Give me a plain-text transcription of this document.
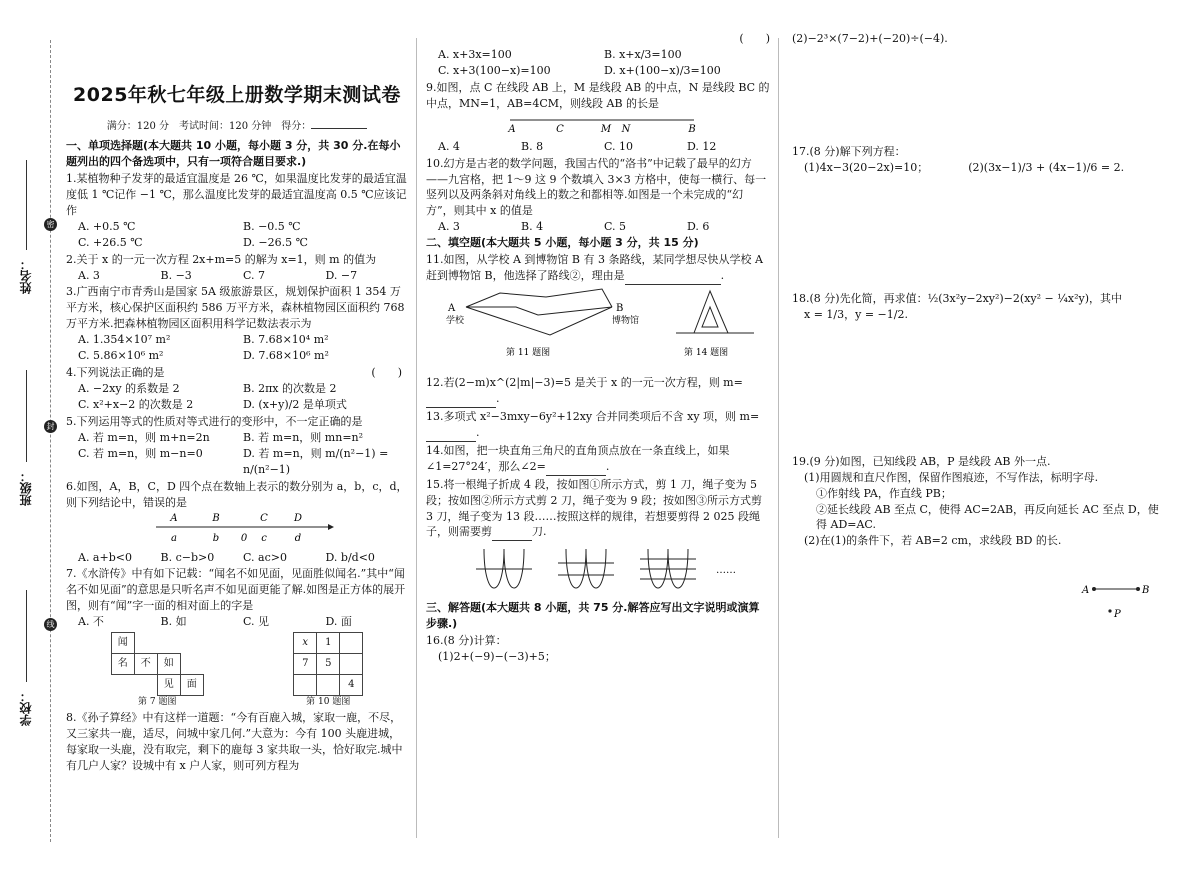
姓名：
班级：
学校：
密
封
线
2025年秋七年级上册数学期末测试卷
满分：120 分　考试时间：120 分钟　得分：
一、单项选择题(本大题共 10 小题，每小题 3 分，共 30 分.在每小题列出的四个备选项中，只有一项符合题目要求.)
1.某植物种子发芽的最适宜温度是 26 ℃，如果温度比发芽的最适宜温度低 1 ℃记作 −1 ℃，那么温度比发芽的最适宜温度高 0.5 ℃应该记作
A. +0.5 ℃	B. −0.5 ℃
C. +26.5 ℃	D. −26.5 ℃
2.关于 x 的一元一次方程 2x+m=5 的解为 x=1，则 m 的值为
A. 3	B. −3	C. 7	D. −7
3.广西南宁市青秀山是国家 5A 级旅游景区，规划保护面积 1 354 万平方米，核心保护区面积约 586 万平方米，森林植物园区面积约 768 万平方米.把森林植物园区面积用科学记数法表示为
A. 1.354×10⁷ m²	B. 7.68×10⁴ m²
C. 5.86×10⁶ m²	D. 7.68×10⁶ m²
4.下列说法正确的是	(　　)
A. −2xy 的系数是 2	B. 2πx 的次数是 2
C. x²+x−2 的次数是 2	D. (x+y)/2 是单项式
5.下列运用等式的性质对等式进行的变形中，不一定正确的是
A. 若 m=n，则 m+n=2n	B. 若 m=n，则 mn=n²
C. 若 m=n，则 m−n=0	D. 若 m=n，则 m/(n²−1) = n/(n²−1)
6.如图，A，B，C，D 四个点在数轴上表示的数分别为 a，b，c，d，则下列结论中，错误的是
a
A
b
B
0 c
C
d
D
A. a+b<0	B. c−b>0	C. ac>0	D. b/d<0
7.《水浒传》中有如下记载：“闻名不如见面，见面胜似闻名.”其中“闻名不如见面”的意思是只听名声不如见面更能了解.如图是正方体的展开图，则有“闻”字一面的相对面上的字是
A. 不	B. 如	C. 见	D. 面
闻			
名	不	如	
		见	面
第 7 题图
x	1	
7	5	
		4
第 10 题图
8.《孙子算经》中有这样一道题：“今有百鹿入城，家取一鹿，不尽，又三家共一鹿，适尽，问城中家几何.”大意为：今有 100 头鹿进城，每家取一头鹿，没有取完，剩下的鹿每 3 家共取一头，恰好取完.城中有几户人家？设城中有 x 户人家，则可列方程为
(　　)
A. x+3x=100	B. x+x/3=100
C. x+3(100−x)=100	D. x+(100−x)/3=100
9.如图，点 C 在线段 AB 上，M 是线段 AB 的中点，N 是线段 BC 的中点，MN=1，AB=4CM，则线段 AB 的长是
A	C	M N	B
A. 4	B. 8	C. 10	D. 12
10.幻方是古老的数学问题，我国古代的“洛书”中记载了最早的幻方——九宫格，把 1～9 这 9 个数填入 3×3 方格中，使每一横行、每一竖列以及两条斜对角线上的数之和都相等.如图是一个未完成的“幻方”，则其中 x 的值是
A. 3	B. 4	C. 5	D. 6
二、填空题(本大题共 5 小题，每小题 3 分，共 15 分)
11.如图，从学校 A 到博物馆 B 有 3 条路线，某同学想尽快从学校 A 赶到博物馆 B，他选择了路线②，理由是	.
A
学校
B
博物馆
第 11 题图	第 14 题图
12.若(2−m)x^(2|m|−3)=5 是关于 x 的一元一次方程，则 m= .
13.多项式 x²−3mxy−6y²+12xy 合并同类项后不含 xy 项，则 m= .
14.如图，把一块直角三角尺的直角顶点放在一条直线上，如果∠1=27°24′，那么∠2=	.
15.将一根绳子折成 4 段，按如图①所示方式，剪 1 刀，绳子变为 5 段；按如图②所示方式剪 2 刀，绳子变为 9 段；按如图③所示方式剪 3 刀，绳子变为 13 段……按照这样的规律，若想要剪得 2 025 段绳子，则需要剪	刀.
……
三、解答题(本大题共 8 小题，共 75 分.解答应写出文字说明或演算步骤.)
16.(8 分)计算：
(1)2+(−9)−(−3)+5；
(2)−2³×(7−2)+(−20)÷(−4).
17.(8 分)解下列方程：
(1)4x−3(20−2x)=10；	(2)(3x−1)/3 + (4x−1)/6 = 2.
18.(8 分)先化简，再求值：½(3x²y−2xy²)−2(xy² − ¼x²y)，其中
x = 1/3，y = −1/2.
19.(9 分)如图，已知线段 AB，P 是线段 AB 外一点.
(1)用圆规和直尺作图，保留作图痕迹，不写作法，标明字母.
①作射线 PA，作直线 PB；
②延长线段 AB 至点 C，使得 AC=2AB，再反向延长 AC 至点 D，使得 AD=AC.
(2)在(1)的条件下，若 AB=2 cm，求线段 BD 的长.
A	B
P
